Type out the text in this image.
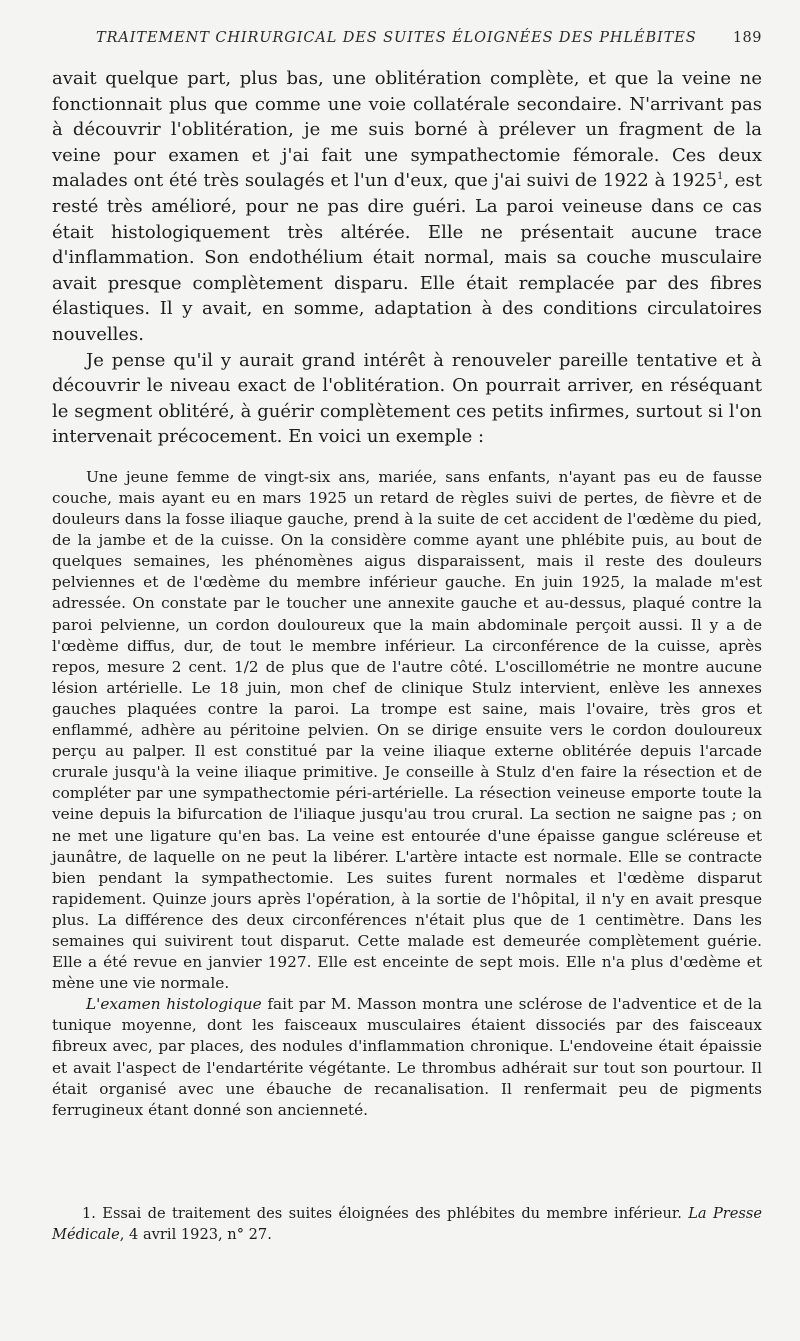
TRAITEMENT CHIRURGICAL DES SUITES ÉLOIGNÉES DES PHLÉBITES 189

avait quelque part, plus bas, une oblitération complète, et que la veine ne fonctionnait plus que comme une voie collatérale secondaire. N'arrivant pas à découvrir l'oblitération, je me suis borné à prélever un fragment de la veine pour examen et j'ai fait une sympathectomie fémorale. Ces deux malades ont été très soulagés et l'un d'eux, que j'ai suivi de 1922 à 1925$^1$, est resté très amélioré, pour ne pas dire guéri. La paroi veineuse dans ce cas était histologiquement très altérée. Elle ne présentait aucune trace d'inflammation. Son endothélium était normal, mais sa couche musculaire avait presque complètement disparu. Elle était remplacée par des fibres élastiques. Il y avait, en somme, adaptation à des conditions circulatoires nouvelles.

Je pense qu'il y aurait grand intérêt à renouveler pareille tentative et à découvrir le niveau exact de l'oblitération. On pourrait arriver, en réséquant le segment oblitéré, à guérir complètement ces petits infirmes, surtout si l'on intervenait précocement. En voici un exemple :

Une jeune femme de vingt-six ans, mariée, sans enfants, n'ayant pas eu de fausse couche, mais ayant eu en mars 1925 un retard de règles suivi de pertes, de fièvre et de douleurs dans la fosse iliaque gauche, prend à la suite de cet accident de l'œdème du pied, de la jambe et de la cuisse. On la considère comme ayant une phlébite puis, au bout de quelques semaines, les phénomènes aigus disparaissent, mais il reste des douleurs pelviennes et de l'œdème du membre inférieur gauche. En juin 1925, la malade m'est adressée. On constate par le toucher une annexite gauche et au-dessus, plaqué contre la paroi pelvienne, un cordon douloureux que la main abdominale perçoit aussi. Il y a de l'œdème diffus, dur, de tout le membre inférieur. La circonférence de la cuisse, après repos, mesure 2 cent. 1/2 de plus que de l'autre côté. L'oscillométrie ne montre aucune lésion artérielle. Le 18 juin, mon chef de clinique Stulz intervient, enlève les annexes gauches plaquées contre la paroi. La trompe est saine, mais l'ovaire, très gros et enflammé, adhère au péritoine pelvien. On se dirige ensuite vers le cordon douloureux perçu au palper. Il est constitué par la veine iliaque externe oblitérée depuis l'arcade crurale jusqu'à la veine iliaque primitive. Je conseille à Stulz d'en faire la résection et de compléter par une sympathectomie péri-artérielle. La résection veineuse emporte toute la veine depuis la bifurcation de l'iliaque jusqu'au trou crural. La section ne saigne pas ; on ne met une ligature qu'en bas. La veine est entourée d'une épaisse gangue scléreuse et jaunâtre, de laquelle on ne peut la libérer. L'artère intacte est normale. Elle se contracte bien pendant la sympathectomie. Les suites furent normales et l'œdème disparut rapidement. Quinze jours après l'opération, à la sortie de l'hôpital, il n'y en avait presque plus. La différence des deux circonférences n'était plus que de 1 centimètre. Dans les semaines qui suivirent tout disparut. Cette malade est demeurée complètement guérie. Elle a été revue en janvier 1927. Elle est enceinte de sept mois. Elle n'a plus d'œdème et mène une vie normale.

L'examen histologique fait par M. Masson montra une sclérose de l'adventice et de la tunique moyenne, dont les faisceaux musculaires étaient dissociés par des faisceaux fibreux avec, par places, des nodules d'inflammation chronique. L'endoveine était épaissie et avait l'aspect de l'endartérite végétante. Le thrombus adhérait sur tout son pourtour. Il était organisé avec une ébauche de recanalisation. Il renfermait peu de pigments ferrugineux étant donné son ancienneté.

1. Essai de traitement des suites éloignées des phlébites du membre inférieur. La Presse Médicale, 4 avril 1923, n° 27.
